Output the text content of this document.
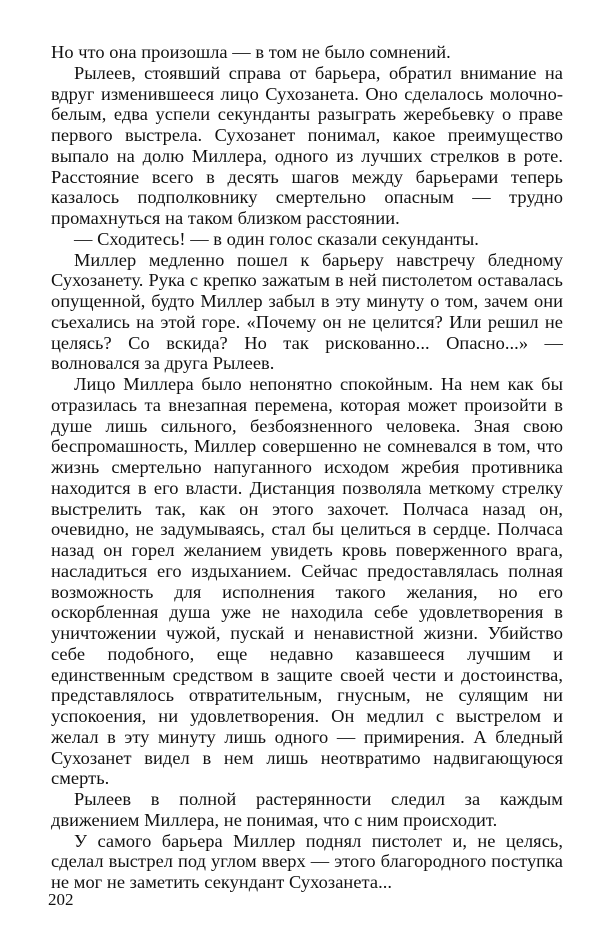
Но что она произошла — в том не было сомнений.

Рылеев, стоявший справа от барьера, обратил внимание на вдруг изменившееся лицо Сухозанета. Оно сделалось молочно-белым, едва успели секунданты разыграть жеребьевку о праве первого выстрела. Сухозанет понимал, какое преимущество выпало на долю Миллера, одного из лучших стрелков в роте. Расстояние всего в десять шагов между барьерами теперь казалось подполковнику смертельно опасным — трудно промахнуться на таком близком расстоянии.

— Сходитесь! — в один голос сказали секунданты.

Миллер медленно пошел к барьеру навстречу бледному Сухозанету. Рука с крепко зажатым в ней пистолетом оставалась опущенной, будто Миллер забыл в эту минуту о том, зачем они съехались на этой горе. «Почему он не целится? Или решил не целясь? Со вскида? Но так рискованно... Опасно...» — волновался за друга Рылеев.

Лицо Миллера было непонятно спокойным. На нем как бы отразилась та внезапная перемена, которая может произойти в душе лишь сильного, безбоязненного человека. Зная свою беспромашность, Миллер совершенно не сомневался в том, что жизнь смертельно напуганного исходом жребия противника находится в его власти. Дистанция позволяла меткому стрелку выстрелить так, как он этого захочет. Полчаса назад он, очевидно, не задумываясь, стал бы целиться в сердце. Полчаса назад он горел желанием увидеть кровь поверженного врага, насладиться его издыханием. Сейчас предоставлялась полная возможность для исполнения такого желания, но его оскорбленная душа уже не находила себе удовлетворения в уничтожении чужой, пускай и ненавистной жизни. Убийство себе подобного, еще недавно казавшееся лучшим и единственным средством в защите своей чести и достоинства, представлялось отвратительным, гнусным, не сулящим ни успокоения, ни удовлетворения. Он медлил с выстрелом и желал в эту минуту лишь одного — примирения. А бледный Сухозанет видел в нем лишь неотвратимо надвигающуюся смерть.

Рылеев в полной растерянности следил за каждым движением Миллера, не понимая, что с ним происходит.

У самого барьера Миллер поднял пистолет и, не целясь, сделал выстрел под углом вверх — этого благородного поступка не мог не заметить секундант Сухозанета...

202
